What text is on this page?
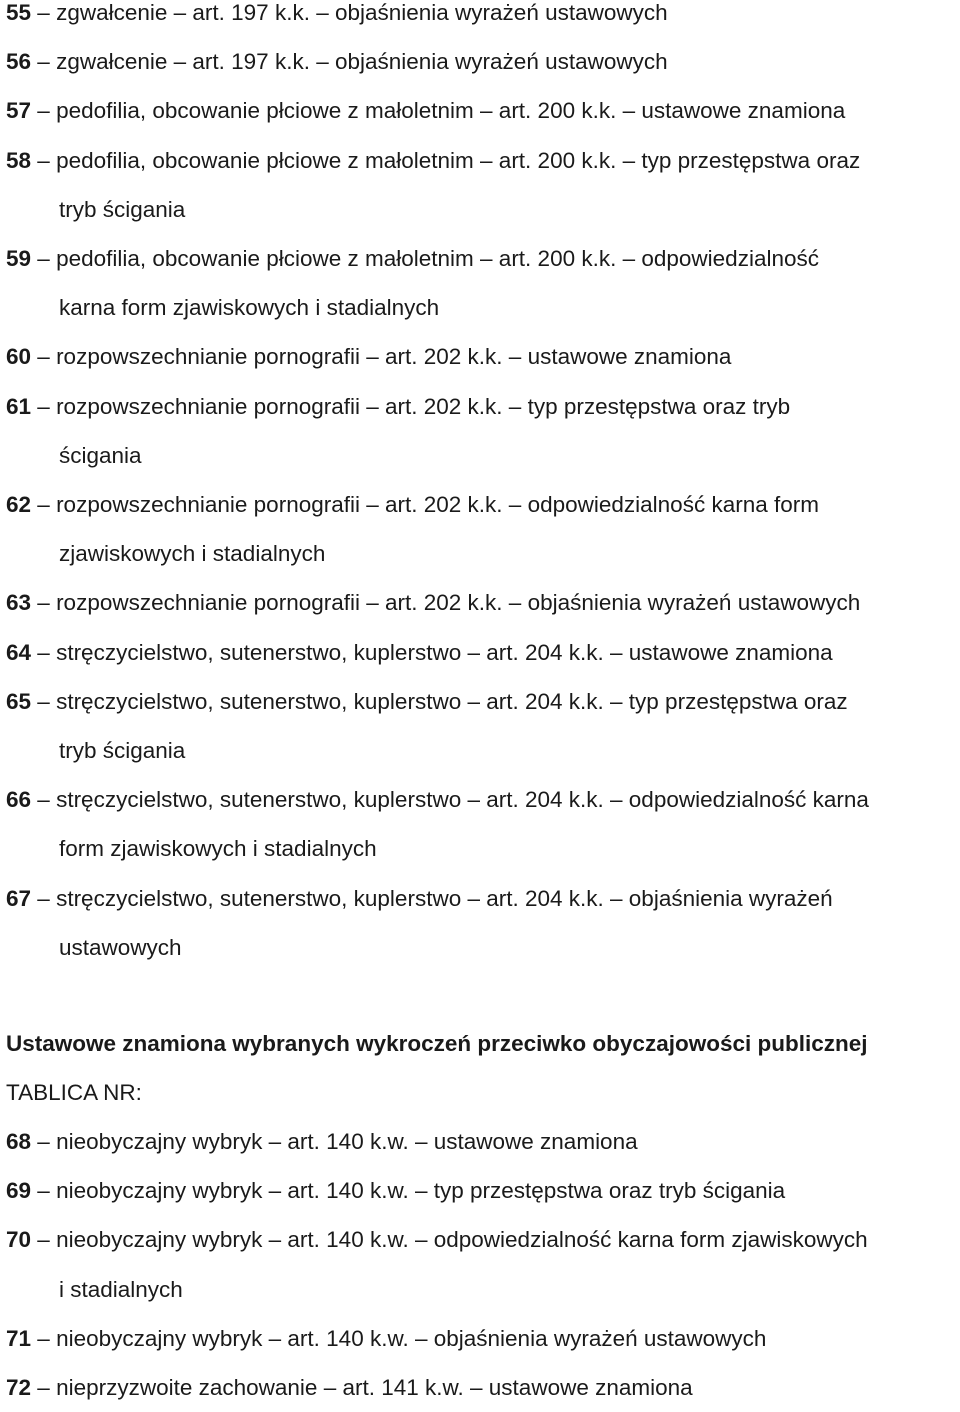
55 – zgwałcenie – art. 197 k.k. – objaśnienia wyrażeń ustawowych
56 – zgwałcenie – art. 197 k.k. – objaśnienia wyrażeń ustawowych
57 – pedofilia, obcowanie płciowe z małoletnim – art. 200 k.k. – ustawowe znamiona
58 – pedofilia, obcowanie płciowe z małoletnim – art. 200 k.k. – typ przestępstwa oraz
tryb ścigania
59 – pedofilia, obcowanie płciowe z małoletnim – art. 200 k.k. – odpowiedzialność
karna form zjawiskowych i stadialnych
60 – rozpowszechnianie pornografii – art. 202 k.k. – ustawowe znamiona
61 – rozpowszechnianie pornografii – art. 202 k.k. – typ przestępstwa oraz tryb
ścigania
62 – rozpowszechnianie pornografii – art. 202 k.k. – odpowiedzialność karna form
zjawiskowych i stadialnych
63 – rozpowszechnianie pornografii – art. 202 k.k. – objaśnienia wyrażeń ustawowych
64 – stręczycielstwo, sutenerstwo, kuplerstwo – art. 204 k.k. – ustawowe znamiona
65 – stręczycielstwo, sutenerstwo, kuplerstwo – art. 204 k.k. – typ przestępstwa oraz
tryb ścigania
66 – stręczycielstwo, sutenerstwo, kuplerstwo – art. 204 k.k. – odpowiedzialność karna
form zjawiskowych i stadialnych
67 – stręczycielstwo, sutenerstwo, kuplerstwo – art. 204 k.k. – objaśnienia wyrażeń
ustawowych
Ustawowe znamiona wybranych wykroczeń przeciwko obyczajowości publicznej
TABLICA NR:
68 – nieobyczajny wybryk – art. 140 k.w. – ustawowe znamiona
69 – nieobyczajny wybryk – art. 140 k.w. – typ przestępstwa oraz tryb ścigania
70 – nieobyczajny wybryk – art. 140 k.w. – odpowiedzialność karna form zjawiskowych
i stadialnych
71 – nieobyczajny wybryk – art. 140 k.w. – objaśnienia wyrażeń ustawowych
72 – nieprzyzwoite zachowanie – art. 141 k.w. – ustawowe znamiona
